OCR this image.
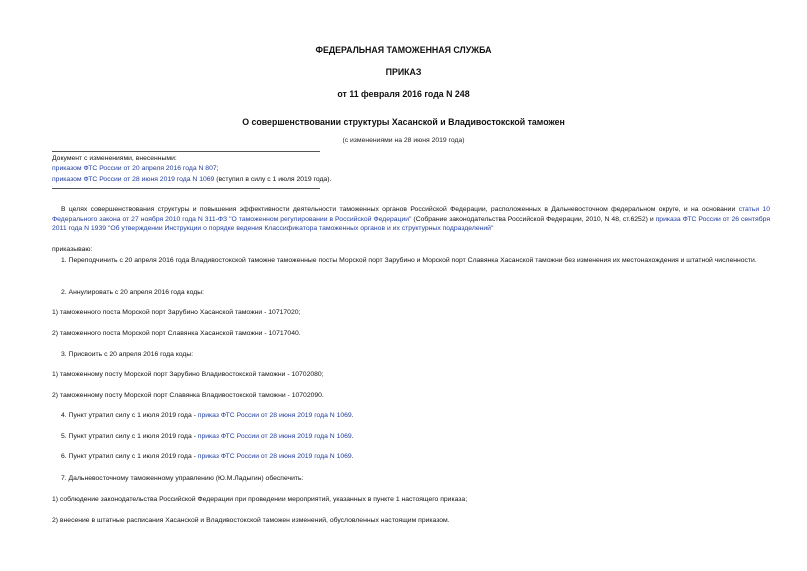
ФЕДЕРАЛЬНАЯ ТАМОЖЕННАЯ СЛУЖБА
ПРИКАЗ
от 11 февраля 2016 года N 248
О совершенствовании структуры Хасанской и Владивостокской таможен
(с изменениями на 28 июня 2019 года)
Документ с изменениями, внесенными:
приказом ФТС России от 20 апреля 2016 года N 807;
приказом ФТС России от 28 июня 2019 года N 1069 (вступил в силу с 1 июля 2019 года).
В целях совершенствования структуры и повышения эффективности деятельности таможенных органов Российской Федерации, расположенных в Дальневосточном федеральном округе, и на основании статьи 10 Федерального закона от 27 ноября 2010 года N 311-ФЗ "О таможенном регулировании в Российской Федерации" (Собрание законодательства Российской Федерации, 2010, N 48, ст.6252) и приказа ФТС России от 26 сентября 2011 года N 1939 "Об утверждении Инструкции о порядке ведения Классификатора таможенных органов и их структурных подразделений"
приказываю:
1. Переподчинить с 20 апреля 2016 года Владивостокской таможне таможенные посты Морской порт Зарубино и Морской порт Славянка Хасанской таможни без изменения их местонахождения и штатной численности.
2. Аннулировать с 20 апреля 2016 года коды:
1) таможенного поста Морской порт Зарубино Хасанской таможни - 10717020;
2) таможенного поста Морской порт Славянка Хасанской таможни - 10717040.
3. Присвоить с 20 апреля 2016 года коды:
1) таможенному посту Морской порт Зарубино Владивостокской таможни - 10702080;
2) таможенному посту Морской порт Славянка Владивостокской таможни - 10702090.
4. Пункт утратил силу с 1 июля 2019 года - приказ ФТС России от 28 июня 2019 года N 1069.
5. Пункт утратил силу с 1 июля 2019 года - приказ ФТС России от 28 июня 2019 года N 1069.
6. Пункт утратил силу с 1 июля 2019 года - приказ ФТС России от 28 июня 2019 года N 1069.
7. Дальневосточному таможенному управлению (Ю.М.Ладыгин) обеспечить:
1) соблюдение законодательства Российской Федерации при проведении мероприятий, указанных в пункте 1 настоящего приказа;
2) внесение в штатные расписания Хасанской и Владивостокской таможен изменений, обусловленных настоящим приказом.
